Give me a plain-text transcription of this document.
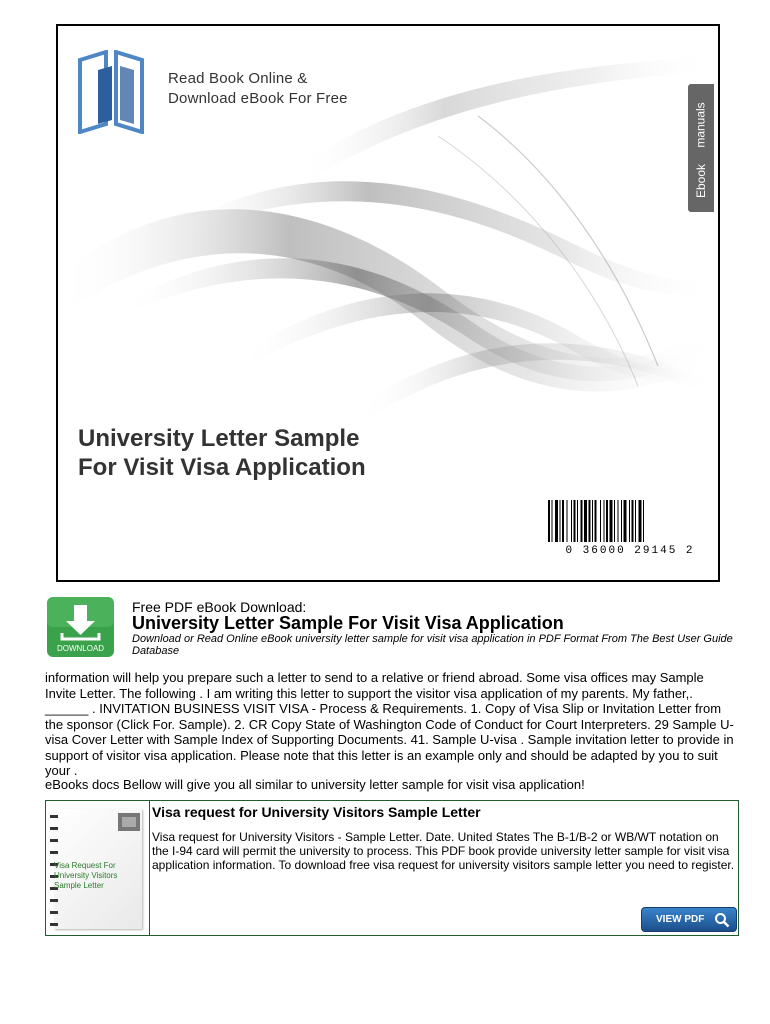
Read Book Online &
Download eBook For Free
manuals
Ebook
University Letter Sample
For Visit Visa Application
0 36000 29145 2
DOWNLOAD
Free PDF eBook Download:
University Letter Sample For Visit Visa Application
Download or Read Online eBook university letter sample for visit visa application in PDF Format From The Best User Guide Database
information will help you prepare such a letter to send to a relative or friend abroad. Some visa offices may Sample Invite Letter. The following . I am writing this letter to support the visitor visa application of my parents. My father,. ______ . INVITATION BUSINESS VISIT VISA - Process & Requirements. 1. Copy of Visa Slip or Invitation Letter from the sponsor (Click For. Sample). 2. CR Copy State of Washington Code of Conduct for Court Interpreters. 29 Sample U-visa Cover Letter with Sample Index of Supporting Documents. 41. Sample U-visa . Sample invitation letter to provide in support of visitor visa application. Please note that this letter is an example only and should be adapted by you to suit your .
eBooks docs Bellow will give you all similar to university letter sample for visit visa application!
Visa Request For University Visitors Sample Letter
Visa request for University Visitors Sample Letter
Visa request for University Visitors - Sample Letter. Date. United States The B-1/B-2 or WB/WT notation on the I-94 card will permit the university to process. This PDF book provide university letter sample for visit visa application information. To download free visa request for university visitors sample letter you need to register.
VIEW PDF
